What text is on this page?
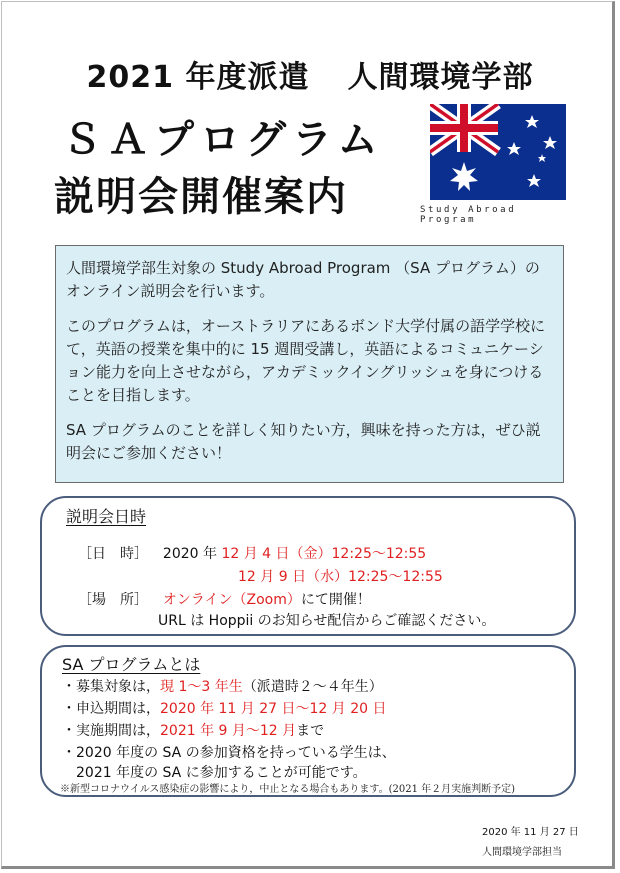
2021 年度派遣 人間環境学部
ＳＡプログラム
説明会開催案内	Study Abroad Program

人間環境学部生対象の Study Abroad Program （SA プログラム）のオンライン説明会を行います。

このプログラムは，オーストラリアにあるボンド大学付属の語学学校にて，英語の授業を集中的に 15 週間受講し，英語によるコミュニケーション能力を向上させながら，アカデミックイングリッシュを身につけることを目指します。

SA プログラムのことを詳しく知りたい方，興味を持った方は，ぜひ説明会にご参加ください！

説明会日時
［日　時］ 2020 年 12 月 4 日（金）12:25～12:55
12 月 9 日（水）12:25～12:55
［場　所］ オンライン（Zoom）にて開催！
URL は Hoppii のお知らせ配信からご確認ください。
SA プログラムとは
・募集対象は，現 1～3 年生（派遣時２～４年生）
・申込期間は，2020 年 11 月 27 日～12 月 20 日
・実施期間は，2021 年 9 月～12 月まで
・2020 年度の SA の参加資格を持っている学生は、
2021 年度の SA に参加することが可能です。
※新型コロナウイルス感染症の影響により，中止となる場合もあります。(2021 年２月実施判断予定)
2020 年 11 月 27 日
人間環境学部担当
